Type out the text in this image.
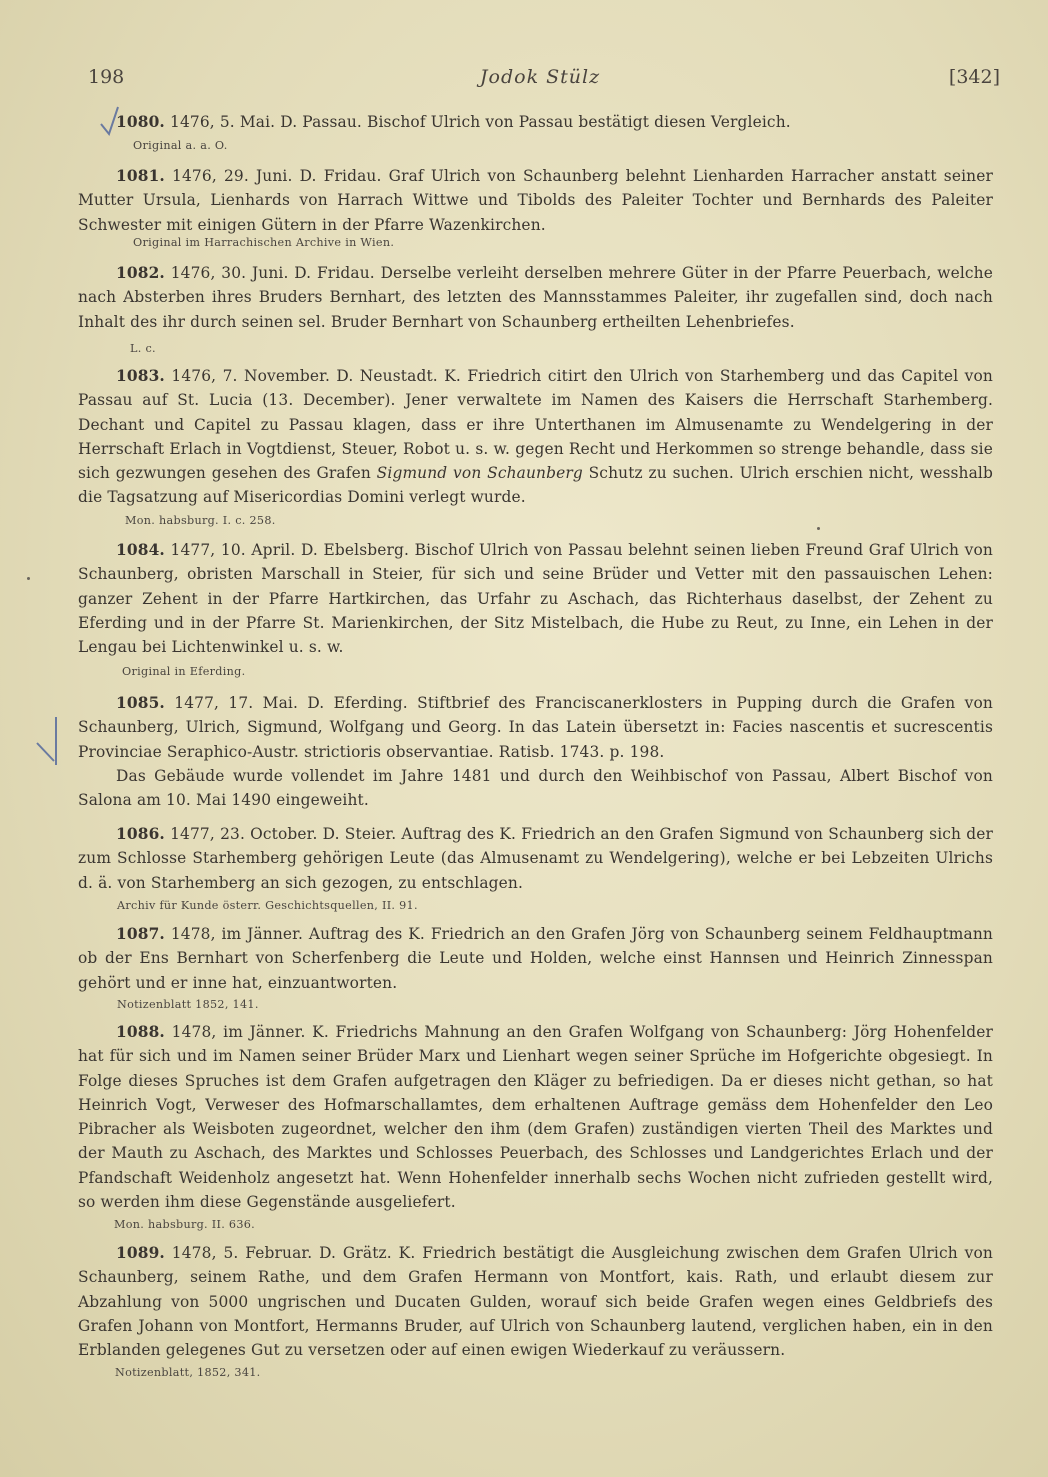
198	Jodok Stülz	[342]

1080. 1476, 5. Mai. D. Passau. Bischof Ulrich von Passau bestätigt diesen Vergleich.

Original a. a. O.

1081. 1476, 29. Juni. D. Fridau. Graf Ulrich von Schaunberg belehnt Lienharden Harracher anstatt seiner Mutter Ursula, Lienhards von Harrach Wittwe und Tibolds des Paleiter Tochter und Bernhards des Paleiter Schwester mit einigen Gütern in der Pfarre Wazenkirchen.

Original im Harrachischen Archive in Wien.

1082. 1476, 30. Juni. D. Fridau. Derselbe verleiht derselben mehrere Güter in der Pfarre Peuerbach, welche nach Absterben ihres Bruders Bernhart, des letzten des Mannsstammes Paleiter, ihr zugefallen sind, doch nach Inhalt des ihr durch seinen sel. Bruder Bernhart von Schaunberg ertheilten Lehenbriefes.

L. c.

1083. 1476, 7. November. D. Neustadt. K. Friedrich citirt den Ulrich von Starhemberg und das Capitel von Passau auf St. Lucia (13. December). Jener verwaltete im Namen des Kaisers die Herrschaft Starhemberg. Dechant und Capitel zu Passau klagen, dass er ihre Unterthanen im Almusenamte zu Wendelgering in der Herrschaft Erlach in Vogtdienst, Steuer, Robot u. s. w. gegen Recht und Herkommen so strenge behandle, dass sie sich gezwungen gesehen des Grafen Sigmund von Schaunberg Schutz zu suchen. Ulrich erschien nicht, wesshalb die Tagsatzung auf Misericordias Domini verlegt wurde.

Mon. habsburg. I. c. 258.

1084. 1477, 10. April. D. Ebelsberg. Bischof Ulrich von Passau belehnt seinen lieben Freund Graf Ulrich von Schaunberg, obristen Marschall in Steier, für sich und seine Brüder und Vetter mit den passauischen Lehen: ganzer Zehent in der Pfarre Hartkirchen, das Urfahr zu Aschach, das Richterhaus daselbst, der Zehent zu Eferding und in der Pfarre St. Marienkirchen, der Sitz Mistelbach, die Hube zu Reut, zu Inne, ein Lehen in der Lengau bei Lichtenwinkel u. s. w.

Original in Eferding.

1085. 1477, 17. Mai. D. Eferding. Stiftbrief des Franciscanerklosters in Pupping durch die Grafen von Schaunberg, Ulrich, Sigmund, Wolfgang und Georg. In das Latein übersetzt in: Facies nascentis et sucrescentis Provinciae Seraphico-Austr. strictioris observantiae. Ratisb. 1743. p. 198.

Das Gebäude wurde vollendet im Jahre 1481 und durch den Weihbischof von Passau, Albert Bischof von Salona am 10. Mai 1490 eingeweiht.

1086. 1477, 23. October. D. Steier. Auftrag des K. Friedrich an den Grafen Sigmund von Schaunberg sich der zum Schlosse Starhemberg gehörigen Leute (das Almusenamt zu Wendelgering), welche er bei Lebzeiten Ulrichs d. ä. von Starhemberg an sich gezogen, zu entschlagen.

Archiv für Kunde österr. Geschichtsquellen, II. 91.

1087. 1478, im Jänner. Auftrag des K. Friedrich an den Grafen Jörg von Schaunberg seinem Feldhauptmann ob der Ens Bernhart von Scherfenberg die Leute und Holden, welche einst Hannsen und Heinrich Zinnesspan gehört und er inne hat, einzuantworten.

Notizenblatt 1852, 141.

1088. 1478, im Jänner. K. Friedrichs Mahnung an den Grafen Wolfgang von Schaunberg: Jörg Hohenfelder hat für sich und im Namen seiner Brüder Marx und Lienhart wegen seiner Sprüche im Hofgerichte obgesiegt. In Folge dieses Spruches ist dem Grafen aufgetragen den Kläger zu befriedigen. Da er dieses nicht gethan, so hat Heinrich Vogt, Verweser des Hofmarschallamtes, dem erhaltenen Auftrage gemäss dem Hohenfelder den Leo Pibracher als Weisboten zugeordnet, welcher den ihm (dem Grafen) zuständigen vierten Theil des Marktes und der Mauth zu Aschach, des Marktes und Schlosses Peuerbach, des Schlosses und Landgerichtes Erlach und der Pfandschaft Weidenholz angesetzt hat. Wenn Hohenfelder innerhalb sechs Wochen nicht zufrieden gestellt wird, so werden ihm diese Gegenstände ausgeliefert.

Mon. habsburg. II. 636.

1089. 1478, 5. Februar. D. Grätz. K. Friedrich bestätigt die Ausgleichung zwischen dem Grafen Ulrich von Schaunberg, seinem Rathe, und dem Grafen Hermann von Montfort, kais. Rath, und erlaubt diesem zur Abzahlung von 5000 ungrischen und Ducaten Gulden, worauf sich beide Grafen wegen eines Geldbriefs des Grafen Johann von Montfort, Hermanns Bruder, auf Ulrich von Schaunberg lautend, verglichen haben, ein in den Erblanden gelegenes Gut zu versetzen oder auf einen ewigen Wiederkauf zu veräussern.

Notizenblatt, 1852, 341.
